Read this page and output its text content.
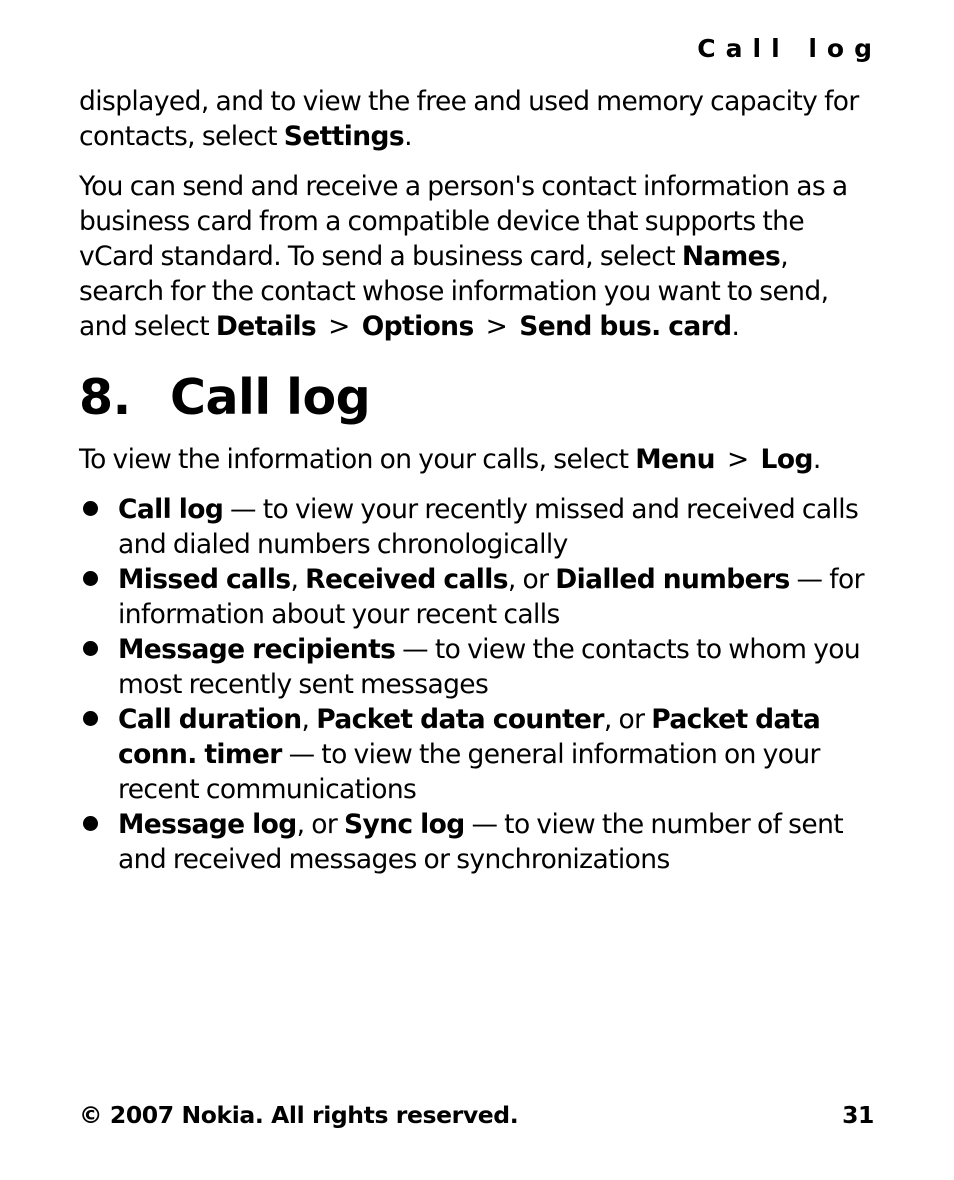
Call log

displayed, and to view the free and used memory capacity for contacts, select Settings.

You can send and receive a person's contact information as a business card from a compatible device that supports the vCard standard. To send a business card, select Names, search for the contact whose information you want to send, and select Details > Options > Send bus. card.

8. Call log

To view the information on your calls, select Menu > Log.

Call log — to view your recently missed and received calls and dialed numbers chronologically
Missed calls, Received calls, or Dialled numbers — for information about your recent calls
Message recipients — to view the contacts to whom you most recently sent messages
Call duration, Packet data counter, or Packet data conn. timer — to view the general information on your recent communications
Message log, or Sync log — to view the number of sent and received messages or synchronizations
© 2007 Nokia. All rights reserved.	31
